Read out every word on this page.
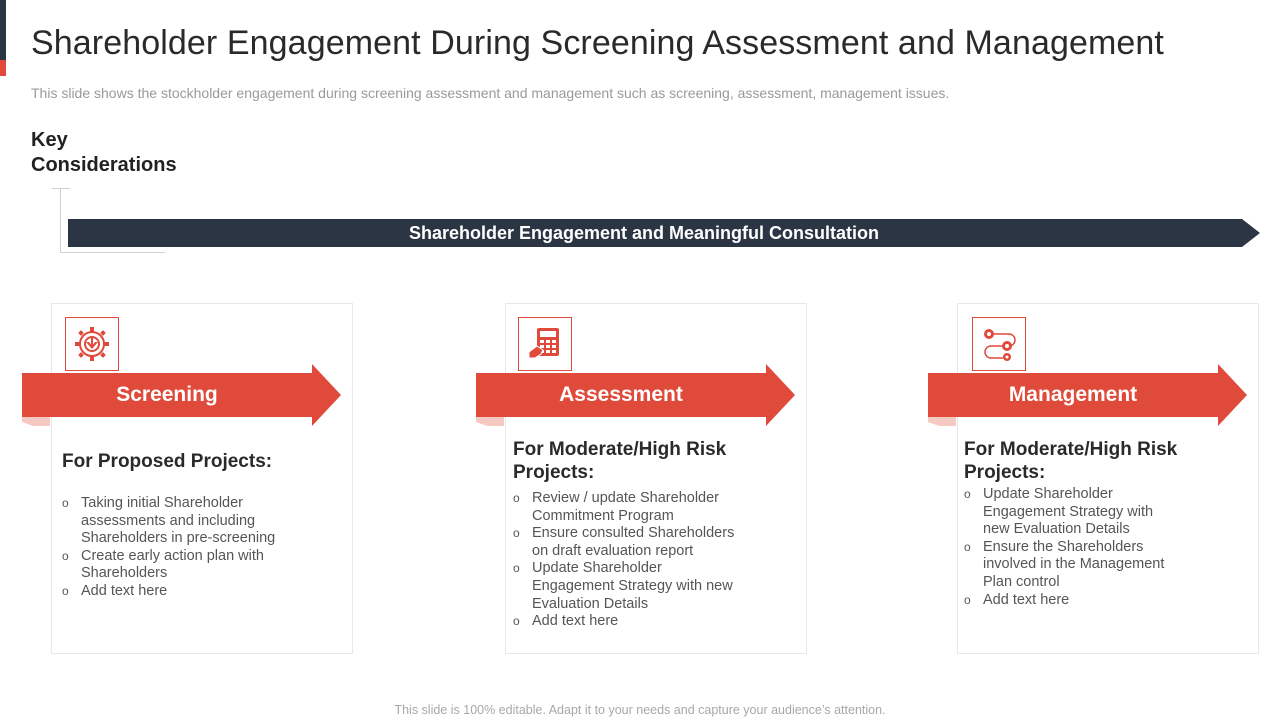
Shareholder Engagement During Screening Assessment and Management
This slide shows the stockholder engagement during screening assessment and management such as screening, assessment, management issues.
Key
Considerations
Shareholder Engagement and Meaningful Consultation
Screening
For Proposed Projects:
o Taking initial Shareholder assessments and including Shareholders in pre-screening
o Create early action plan with Shareholders
o Add text here
Assessment
For Moderate/High Risk Projects:
o Review / update Shareholder Commitment Program
o Ensure consulted Shareholders on draft evaluation report
o Update Shareholder Engagement Strategy with new Evaluation Details
o Add text here
Management
For Moderate/High Risk Projects:
o Update Shareholder Engagement Strategy with new Evaluation Details
o Ensure the Shareholders involved in the Management Plan control
o Add text here
This slide is 100% editable. Adapt it to your needs and capture your audience’s attention.
